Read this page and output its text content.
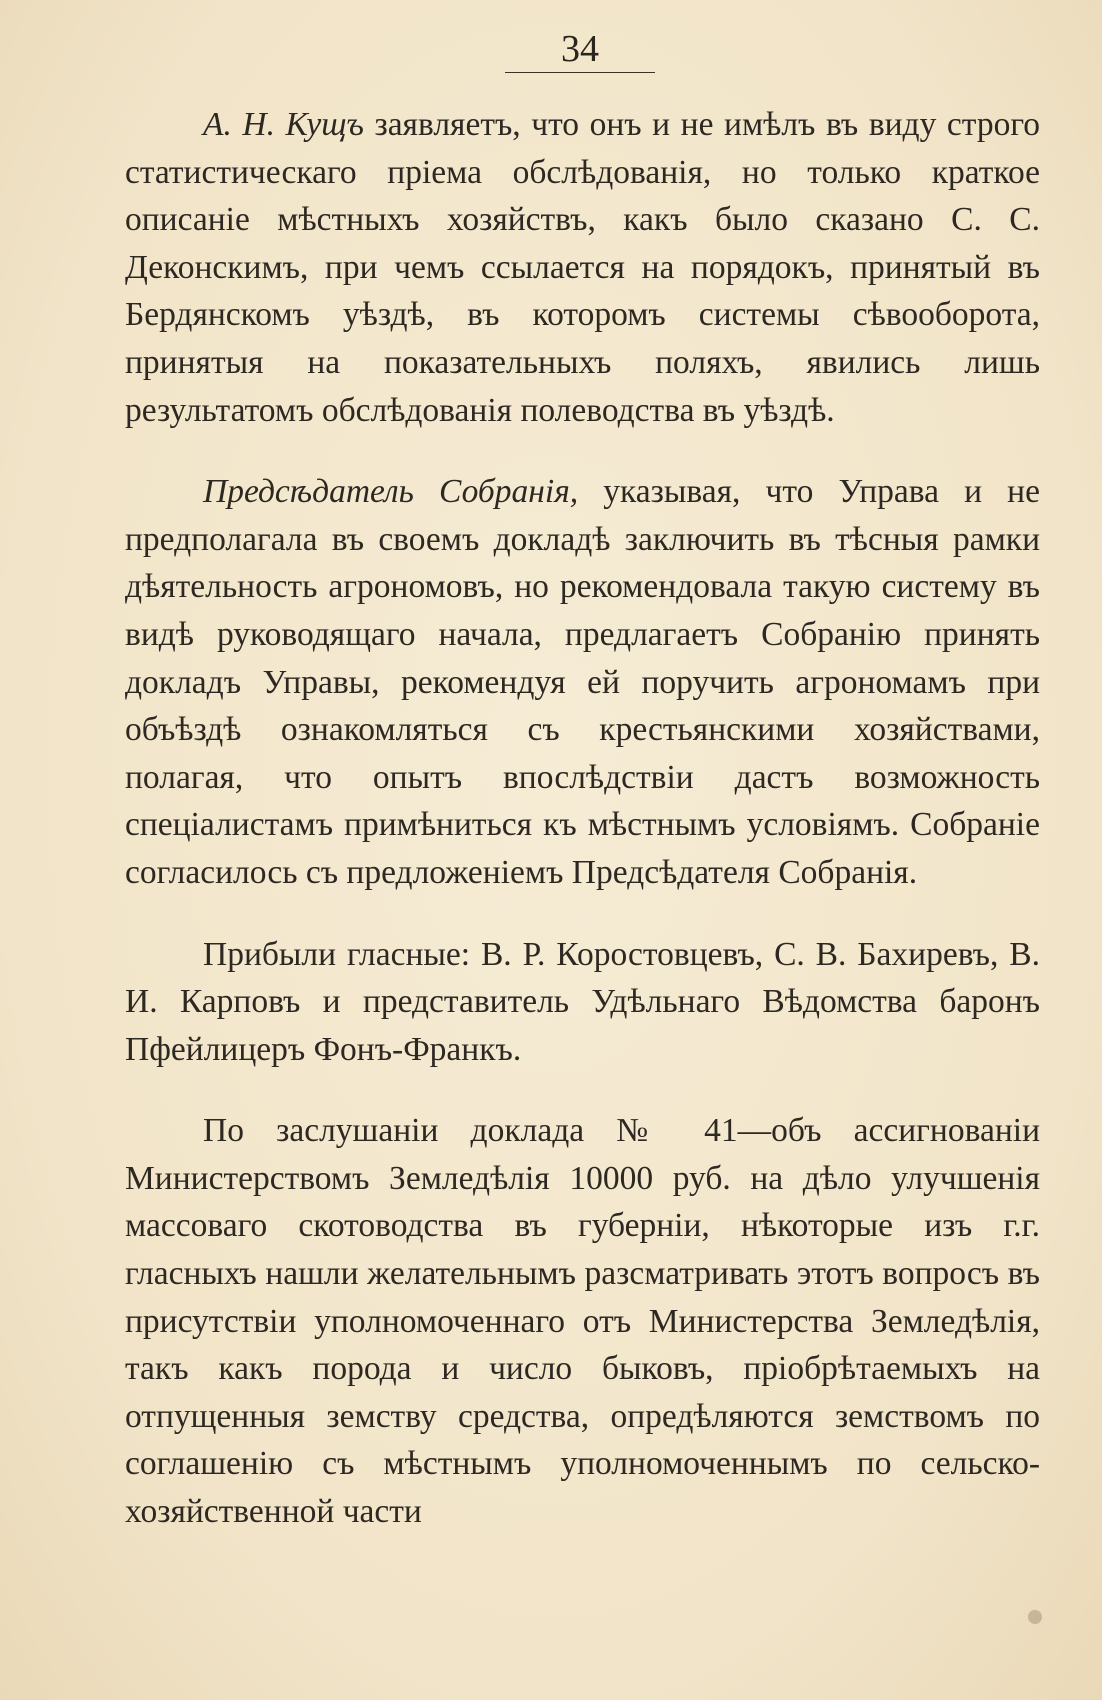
34

А. Н. Кущъ заявляетъ, что онъ и не имѣлъ въ виду строго статистическаго пріема обслѣдованія, но только краткое описаніе мѣстныхъ хозяйствъ, какъ было сказано С. С. Деконскимъ, при чемъ ссылается на порядокъ, принятый въ Бердянскомъ уѣздѣ, въ которомъ системы сѣвооборота, принятыя на показательныхъ поляхъ, явились лишь результатомъ обслѣдованія полеводства въ уѣздѣ.

Предсѣдатель Собранія, указывая, что Управа и не предполагала въ своемъ докладѣ заключить въ тѣсныя рамки дѣятельность агрономовъ, но рекомендовала такую систему въ видѣ руководящаго начала, предлагаетъ Собранію принять докладъ Управы, рекомендуя ей поручить агрономамъ при объѣздѣ ознакомляться съ крестьянскими хозяйствами, полагая, что опытъ впослѣдствіи дастъ возможность спеціалистамъ примѣниться къ мѣстнымъ условіямъ. Собраніе согласилось съ предложеніемъ Предсѣдателя Собранія.

Прибыли гласные: В. Р. Коростовцевъ, С. В. Бахиревъ, В. И. Карповъ и представитель Удѣльнаго Вѣдомства баронъ Пфейлицеръ Фонъ-Франкъ.

По заслушаніи доклада № 41—объ ассигнованіи Министерствомъ Земледѣлія 10000 руб. на дѣло улучшенія массоваго скотоводства въ губерніи, нѣкоторые изъ г.г. гласныхъ нашли желательнымъ разсматривать этотъ вопросъ въ присутствіи уполномоченнаго отъ Министерства Земледѣлія, такъ какъ порода и число быковъ, пріобрѣтаемыхъ на отпущенныя земству средства, опредѣляются земствомъ по соглашенію съ мѣстнымъ уполномоченнымъ по сельско-хозяйственной части
